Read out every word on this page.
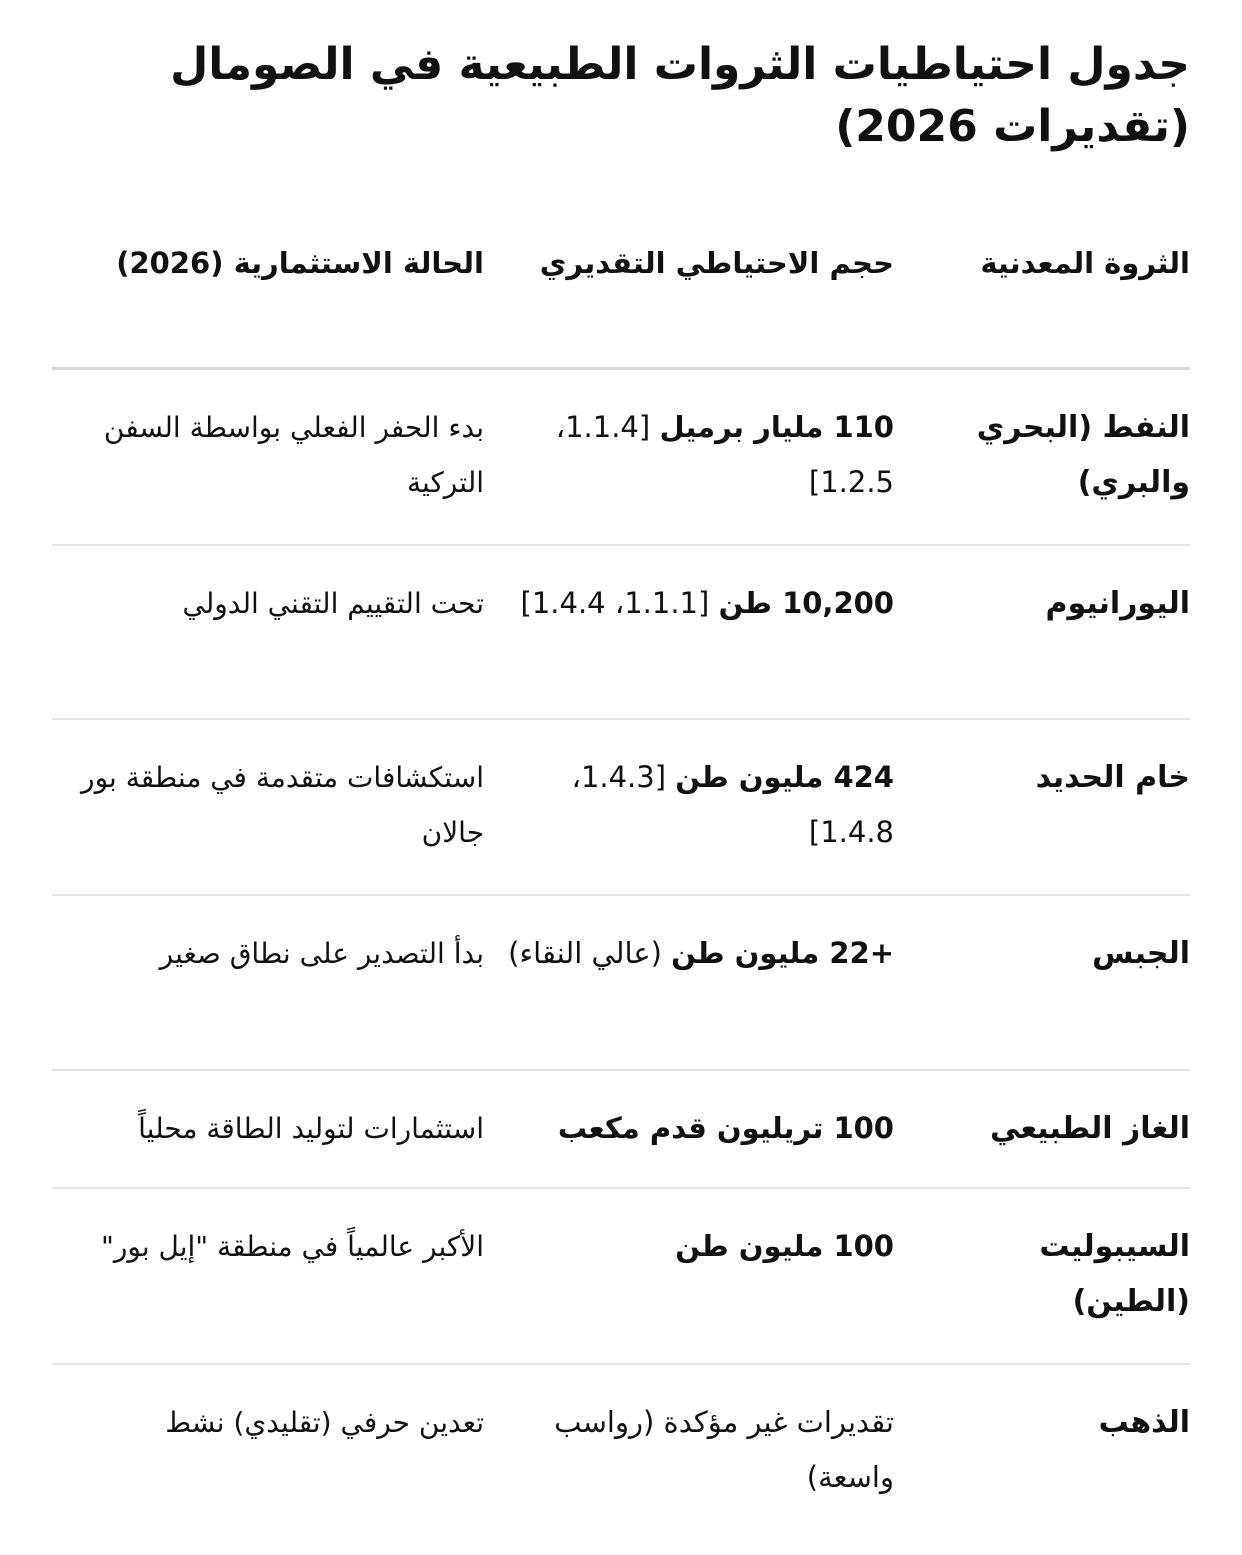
جدول احتياطيات الثروات الطبيعية في الصومال (تقديرات 2026)
الثروة المعدنية
حجم الاحتياطي التقديري
الحالة الاستثمارية (2026)
النفط (البحري والبري)
110 مليار برميل [1.1.4، 1.2.5]
بدء الحفر الفعلي بواسطة السفن التركية
اليورانيوم
10,200 طن [1.1.1، 1.4.4]
تحت التقييم التقني الدولي
خام الحديد
424 مليون طن [1.4.3، 1.4.8]
استكشافات متقدمة في منطقة بور جالان
الجبس
+22 مليون طن (عالي النقاء)
بدأ التصدير على نطاق صغير
الغاز الطبيعي
100 تريليون قدم مكعب
استثمارات لتوليد الطاقة محلياً
السيبوليت (الطين)
100 مليون طن
الأكبر عالمياً في منطقة "إيل بور"
الذهب
تقديرات غير مؤكدة (رواسب واسعة)
تعدين حرفي (تقليدي) نشط
